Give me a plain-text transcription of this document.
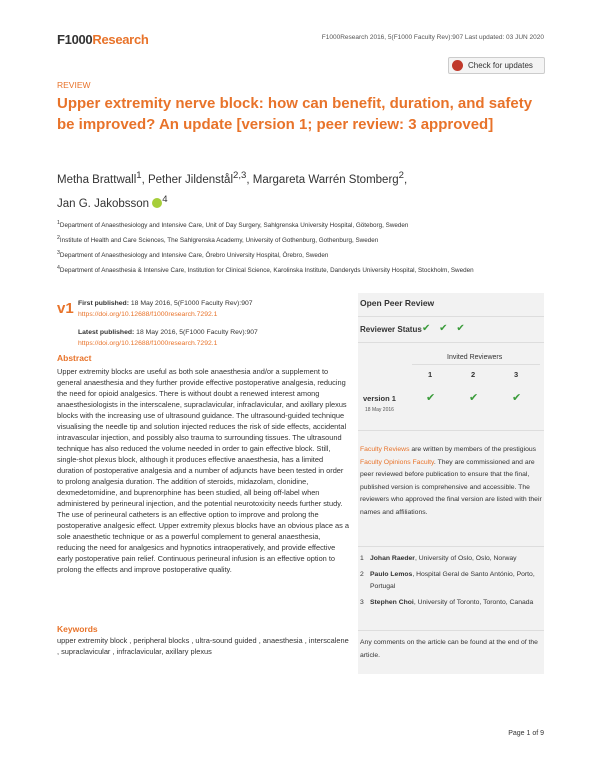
F1000Research	F1000Research 2016, 5(F1000 Faculty Rev):907 Last updated: 03 JUN 2020
Check for updates
REVIEW
Upper extremity nerve block: how can benefit, duration, and safety be improved? An update [version 1; peer review: 3 approved]
Metha Brattwall$^1$, Pether Jildenstål$^{2,3}$, Margareta Warrén Stomberg$^2$,
Jan G. Jakobsson $^4$
$^1$Department of Anaesthesiology and Intensive Care, Unit of Day Surgery, Sahlgrenska University Hospital, Göteborg, Sweden
$^2$Institute of Health and Care Sciences, The Sahlgrenska Academy, University of Gothenburg, Gothenburg, Sweden
$^3$Department of Anaesthesiology and Intensive Care, Örebro University Hospital, Örebro, Sweden
$^4$Department of Anaesthesia & Intensive Care, Institution for Clinical Science, Karolinska Institute, Danderyds University Hospital, Stockholm, Sweden
v1 First published: 18 May 2016, 5(F1000 Faculty Rev):907
https://doi.org/10.12688/f1000research.7292.1
Latest published: 18 May 2016, 5(F1000 Faculty Rev):907
https://doi.org/10.12688/f1000research.7292.1
Abstract
Upper extremity blocks are useful as both sole anaesthesia and/or a supplement to general anaesthesia and they further provide effective postoperative analgesia, reducing the need for opioid analgesics. There is without doubt a renewed interest among anaesthesiologists in the interscalene, supraclavicular, infraclavicular, and axillary plexus blocks with the increasing use of ultrasound guidance. The ultrasound-guided technique visualising the needle tip and solution injected reduces the risk of side effects, accidental intravascular injection, and possibly also trauma to surrounding tissues. The ultrasound technique has also reduced the volume needed in order to gain effective block. Still, single-shot plexus block, although it produces effective anaesthesia, has a limited duration of postoperative analgesia and a number of adjuncts have been tested in order to prolong analgesia duration. The addition of steroids, midazolam, clonidine, dexmedetomidine, and buprenorphine has been studied, all being off-label when administered by perineural injection, and the potential neurotoxicity needs further study. The use of perineural catheters is an effective option to improve and prolong the postoperative analgesic effect. Upper extremity plexus blocks have an obvious place as a sole anaesthetic technique or as a powerful complement to general anaesthesia, reducing the need for analgesics and hypnotics intraoperatively, and provide effective early postoperative pain relief. Continuous perineural infusion is an effective option to prolong the effects and improve postoperative quality.
Keywords
upper extremity block , peripheral blocks , ultra-sound guided , anaesthesia , interscalene , supraclavicular , infraclavicular, axillary plexus
Open Peer Review
Reviewer Status ✔ ✔ ✔
Invited Reviewers
1	2	3
version 1
18 May 2016
✔	✔	✔
Faculty Reviews are written by members of the prestigious Faculty Opinions Faculty. They are commissioned and are peer reviewed before publication to ensure that the final, published version is comprehensive and accessible. The reviewers who approved the final version are listed with their names and affiliations.
1 Johan Raeder, University of Oslo, Oslo, Norway
2 Paulo Lemos, Hospital Geral de Santo António, Porto, Portugal
3 Stephen Choi, University of Toronto, Toronto, Canada
Any comments on the article can be found at the end of the article.
Page 1 of 9
